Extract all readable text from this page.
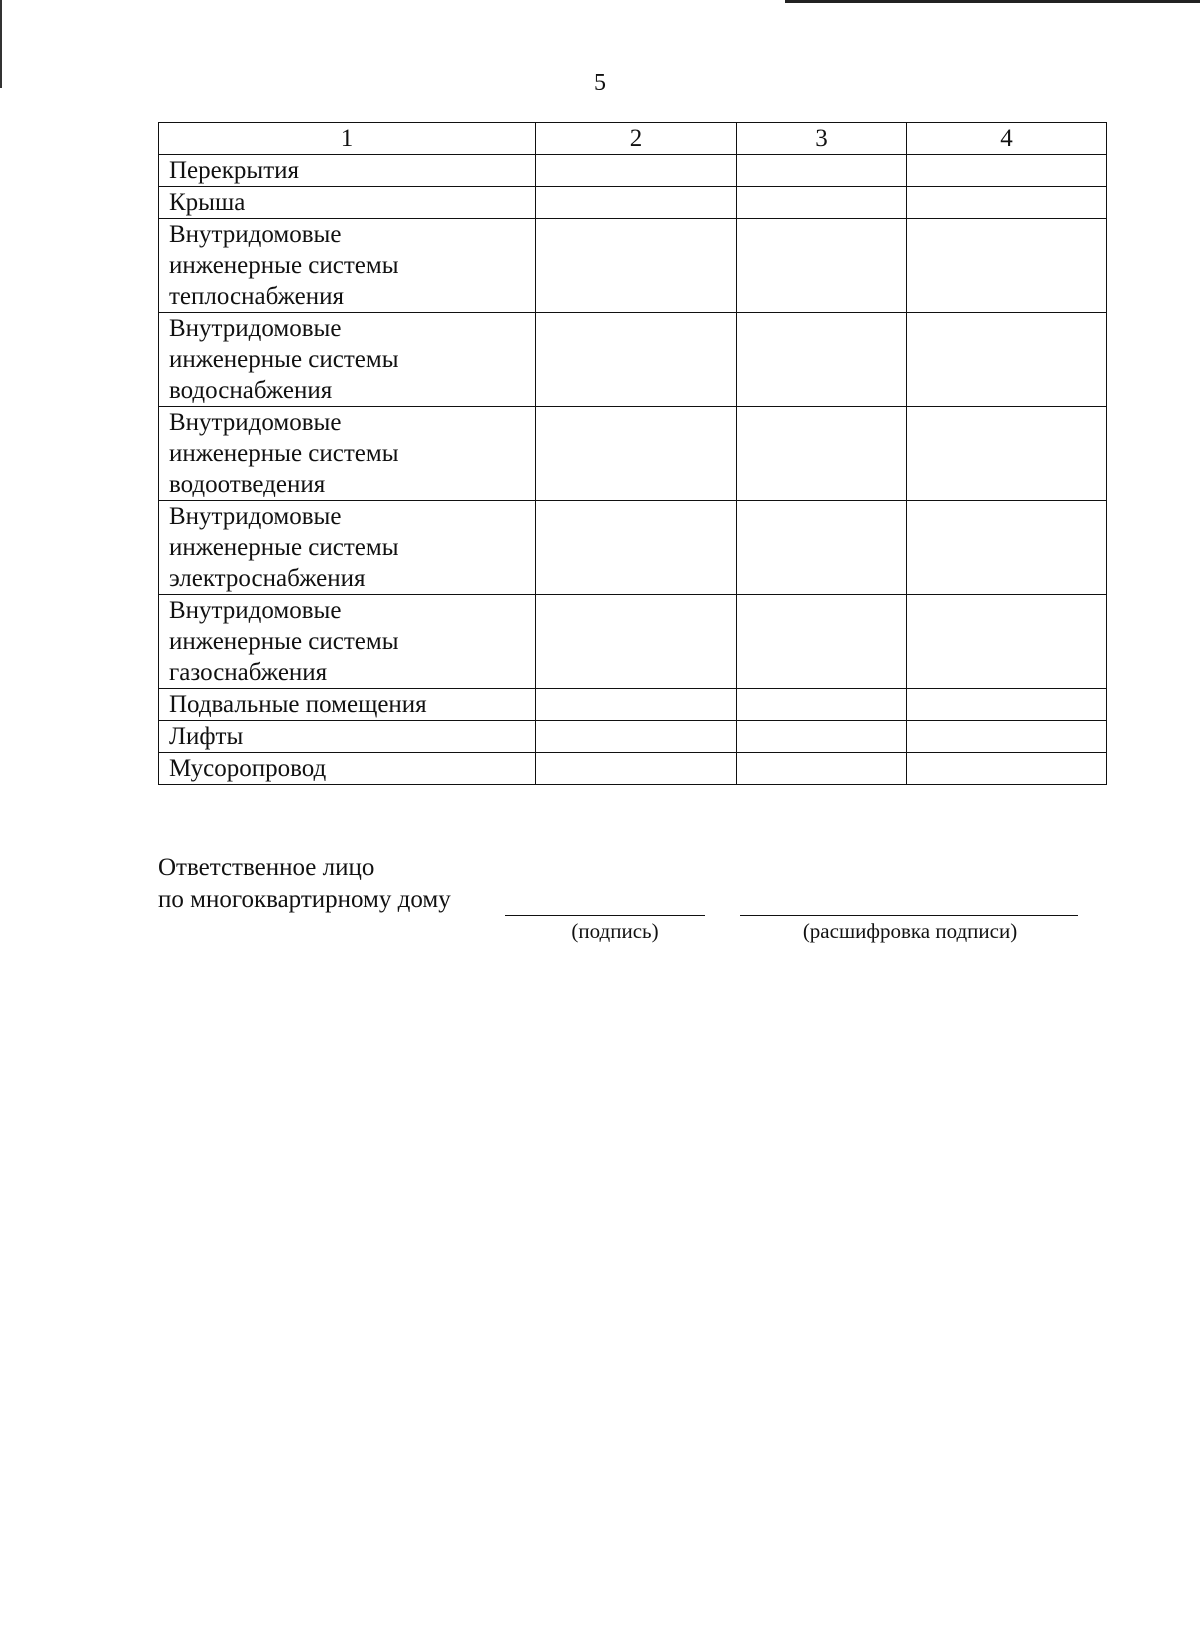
5
1	2	3	4

Перекрытия			

Крыша			

Внутридомовые
инженерные системы
теплоснабжения			

Внутридомовые
инженерные системы
водоснабжения			

Внутридомовые
инженерные системы
водоотведения			

Внутридомовые
инженерные системы
электроснабжения			

Внутридомовые
инженерные системы
газоснабжения			

Подвальные помещения			

Лифты			

Мусоропровод			

Ответственное лицо
по многоквартирному дому
(подпись)	(расшифровка подписи)
